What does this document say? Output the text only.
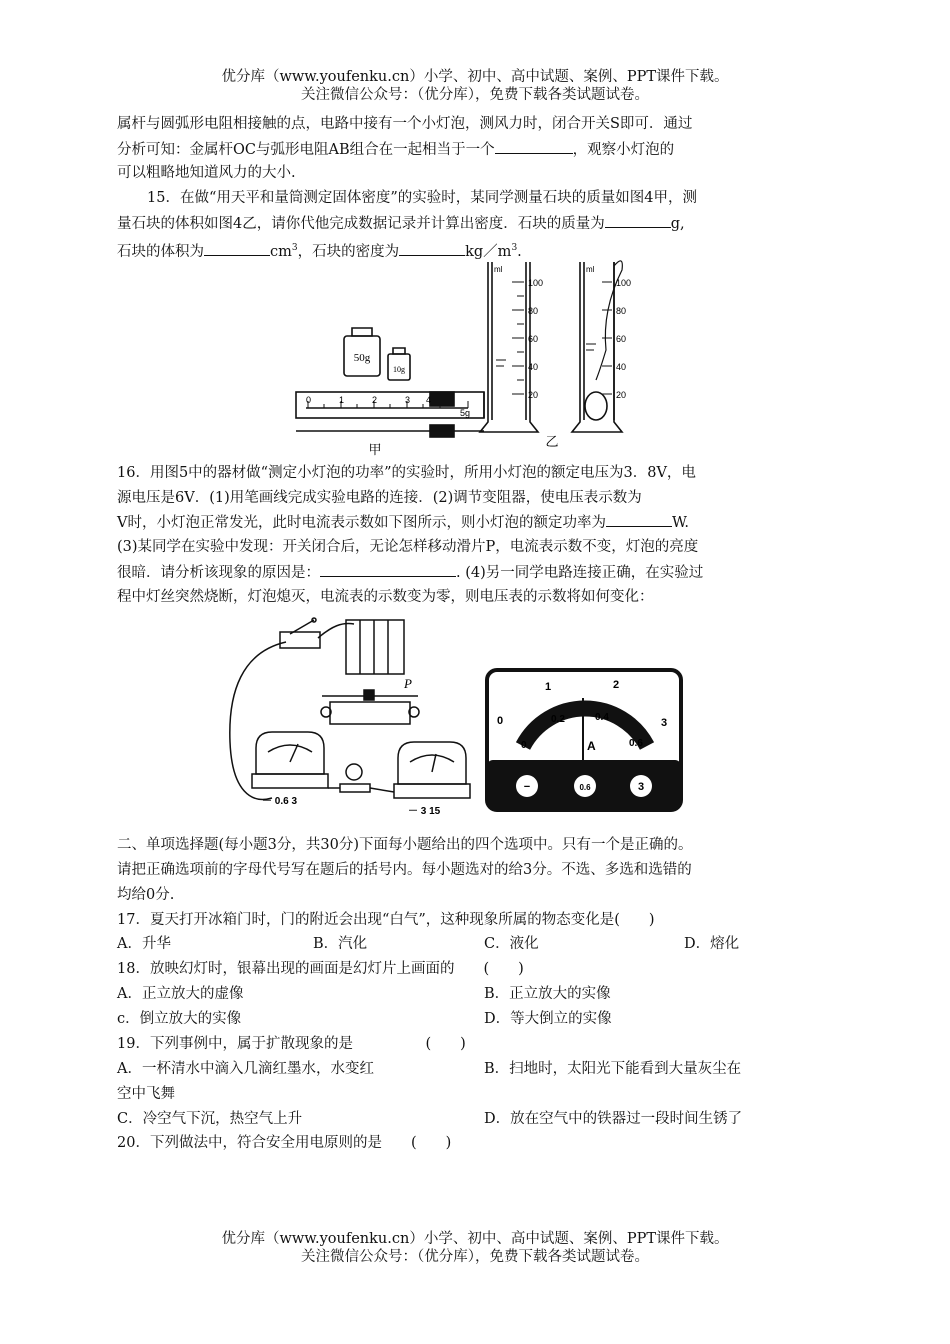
优分库（www.youfenku.cn）小学、初中、高中试题、案例、PPT课件下载。
关注微信公众号：（优分库），免费下载各类试题试卷。
属杆与圆弧形电阻相接触的点，电路中接有一个小灯泡，测风力时，闭合开关S即可．通过
分析可知：金属杆OC与弧形电阻AB组合在一起相当于一个	，观察小灯泡的
可以粗略地知道风力的大小.
15．在做“用天平和量筒测定固体密度”的实验时，某同学测量石块的质量如图4甲，测
量石块的体积如图4乙，请你代他完成数据记录并计算出密度．石块的质量为	g,
石块的体积为	$cm^3$，石块的密度为	$kg/m^3$.
50g
10g
0	1	2	3 4
5g
甲
ml
100
80
60
40
20
ml
100
80
60
40
20
乙
16．用图5中的器材做“测定小灯泡的功率”的实验时，所用小灯泡的额定电压为3．8V，电
源电压是6V．(1)用笔画线完成实验电路的连接．(2)调节变阻器，使电压表示数为
V时，小灯泡正常发光，此时电流表示数如下图所示，则小灯泡的额定功率为	W.
(3)某同学在实验中发现：开关闭合后，无论怎样移动滑片P，电流表示数不变，灯泡的亮度
很暗．请分析该现象的原因是：	. (4)另一同学电路连接正确，在实验过
程中灯丝突然烧断，灯泡熄灭，电流表的示数变为零，则电压表的示数将如何变化：
P
－ 0.6 3
－ 3 15
0
1	2
3
0
0.2	0.4
0.6
A
−	0.6	3
二、单项选择题(每小题3分，共30分)下面每小题给出的四个选项中。只有一个是正确的。
请把正确选项前的字母代号写在题后的括号内。每小题选对的给3分。不选、多选和选错的
均给0分.
17．夏天打开冰箱门时，门的附近会出现“白气”，这种现象所属的物态变化是(　　)
A．升华	B．汽化	C．液化	D．熔化
18．放映幻灯时，银幕出现的画面是幻灯片上画面的　　(　　)
A．正立放大的虚像	B．正立放大的实像
c．倒立放大的实像	D．等大倒立的实像
19．下列事例中，属于扩散现象的是　　　　　(　　)
A．一杯清水中滴入几滴红墨水，水变红	B．扫地时，太阳光下能看到大量灰尘在
空中飞舞
C．冷空气下沉，热空气上升	D．放在空气中的铁器过一段时间生锈了
20．下列做法中，符合安全用电原则的是　　(　　)
优分库（www.youfenku.cn）小学、初中、高中试题、案例、PPT课件下载。
关注微信公众号：（优分库），免费下载各类试题试卷。
